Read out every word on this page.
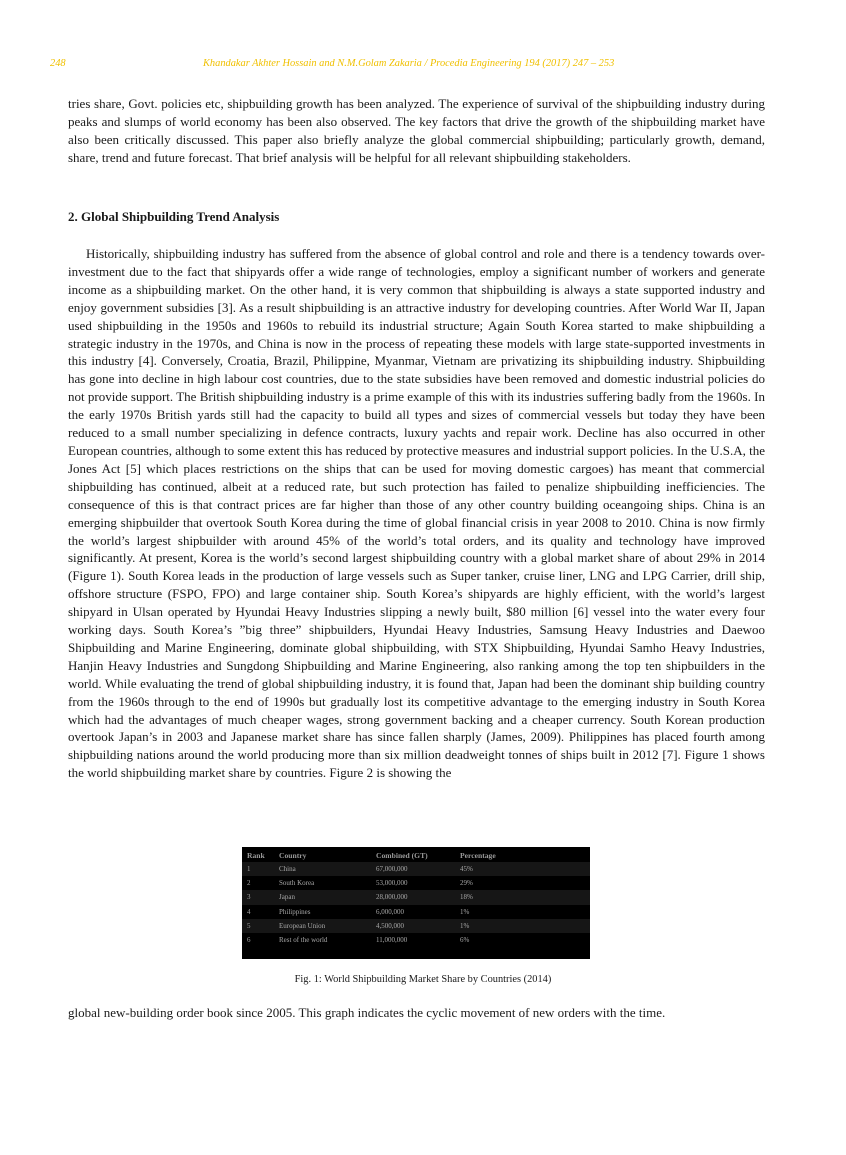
248	Khandakar Akhter Hossain and N.M.Golam Zakaria / Procedia Engineering 194 (2017) 247 – 253

tries share, Govt. policies etc, shipbuilding growth has been analyzed. The experience of survival of the shipbuilding industry during peaks and slumps of world economy has been also observed. The key factors that drive the growth of the shipbuilding market have also been critically discussed. This paper also briefly analyze the global commercial shipbuilding; particularly growth, demand, share, trend and future forecast. That brief analysis will be helpful for all relevant shipbuilding stakeholders.

2. Global Shipbuilding Trend Analysis

Historically, shipbuilding industry has suffered from the absence of global control and role and there is a tendency towards over-investment due to the fact that shipyards offer a wide range of technologies, employ a significant number of workers and generate income as a shipbuilding market. On the other hand, it is very common that shipbuilding is always a state supported industry and enjoy government subsidies [3]. As a result shipbuilding is an attractive industry for developing countries. After World War II, Japan used shipbuilding in the 1950s and 1960s to rebuild its industrial structure; Again South Korea started to make shipbuilding a strategic industry in the 1970s, and China is now in the process of repeating these models with large state-supported investments in this industry [4]. Conversely, Croatia, Brazil, Philippine, Myanmar, Vietnam are privatizing its shipbuilding industry. Shipbuilding has gone into decline in high labour cost countries, due to the state subsidies have been removed and domestic industrial policies do not provide support. The British shipbuilding industry is a prime example of this with its industries suffering badly from the 1960s. In the early 1970s British yards still had the capacity to build all types and sizes of commercial vessels but today they have been reduced to a small number specializing in defence contracts, luxury yachts and repair work. Decline has also occurred in other European countries, although to some extent this has reduced by protective measures and industrial support policies. In the U.S.A, the Jones Act [5] which places restrictions on the ships that can be used for moving domestic cargoes) has meant that commercial shipbuilding has continued, albeit at a reduced rate, but such protection has failed to penalize shipbuilding inefficiencies. The consequence of this is that contract prices are far higher than those of any other country building oceangoing ships. China is an emerging shipbuilder that overtook South Korea during the time of global financial crisis in year 2008 to 2010. China is now firmly the world’s largest shipbuilder with around 45% of the world’s total orders, and its quality and technology have improved significantly. At present, Korea is the world’s second largest shipbuilding country with a global market share of about 29% in 2014 (Figure 1). South Korea leads in the production of large vessels such as Super tanker, cruise liner, LNG and LPG Carrier, drill ship, offshore structure (FSPO, FPO) and large container ship. South Korea’s shipyards are highly efficient, with the world’s largest shipyard in Ulsan operated by Hyundai Heavy Industries slipping a newly built, $80 million [6] vessel into the water every four working days. South Korea’s ”big three” shipbuilders, Hyundai Heavy Industries, Samsung Heavy Industries and Daewoo Shipbuilding and Marine Engineering, dominate global shipbuilding, with STX Shipbuilding, Hyundai Samho Heavy Industries, Hanjin Heavy Industries and Sungdong Shipbuilding and Marine Engineering, also ranking among the top ten shipbuilders in the world. While evaluating the trend of global shipbuilding industry, it is found that, Japan had been the dominant ship building country from the 1960s through to the end of 1990s but gradually lost its competitive advantage to the emerging industry in South Korea which had the advantages of much cheaper wages, strong government backing and a cheaper currency. South Korean production overtook Japan’s in 2003 and Japanese market share has since fallen sharply (James, 2009). Philippines has placed fourth among shipbuilding nations around the world producing more than six million deadweight tonnes of ships built in 2012 [7]. Figure 1 shows the world shipbuilding market share by countries. Figure 2 is showing the

Rank	Country	Combined (GT)	Percentage
1	China	67,000,000	45%
2	South Korea	53,000,000	29%
3	Japan	28,000,000	18%
4	Philippines	6,000,000	1%
5	European Union	4,500,000	1%
6	Rest of the world	11,000,000	6%
Fig. 1: World Shipbuilding Market Share by Countries (2014)

global new-building order book since 2005. This graph indicates the cyclic movement of new orders with the time.
